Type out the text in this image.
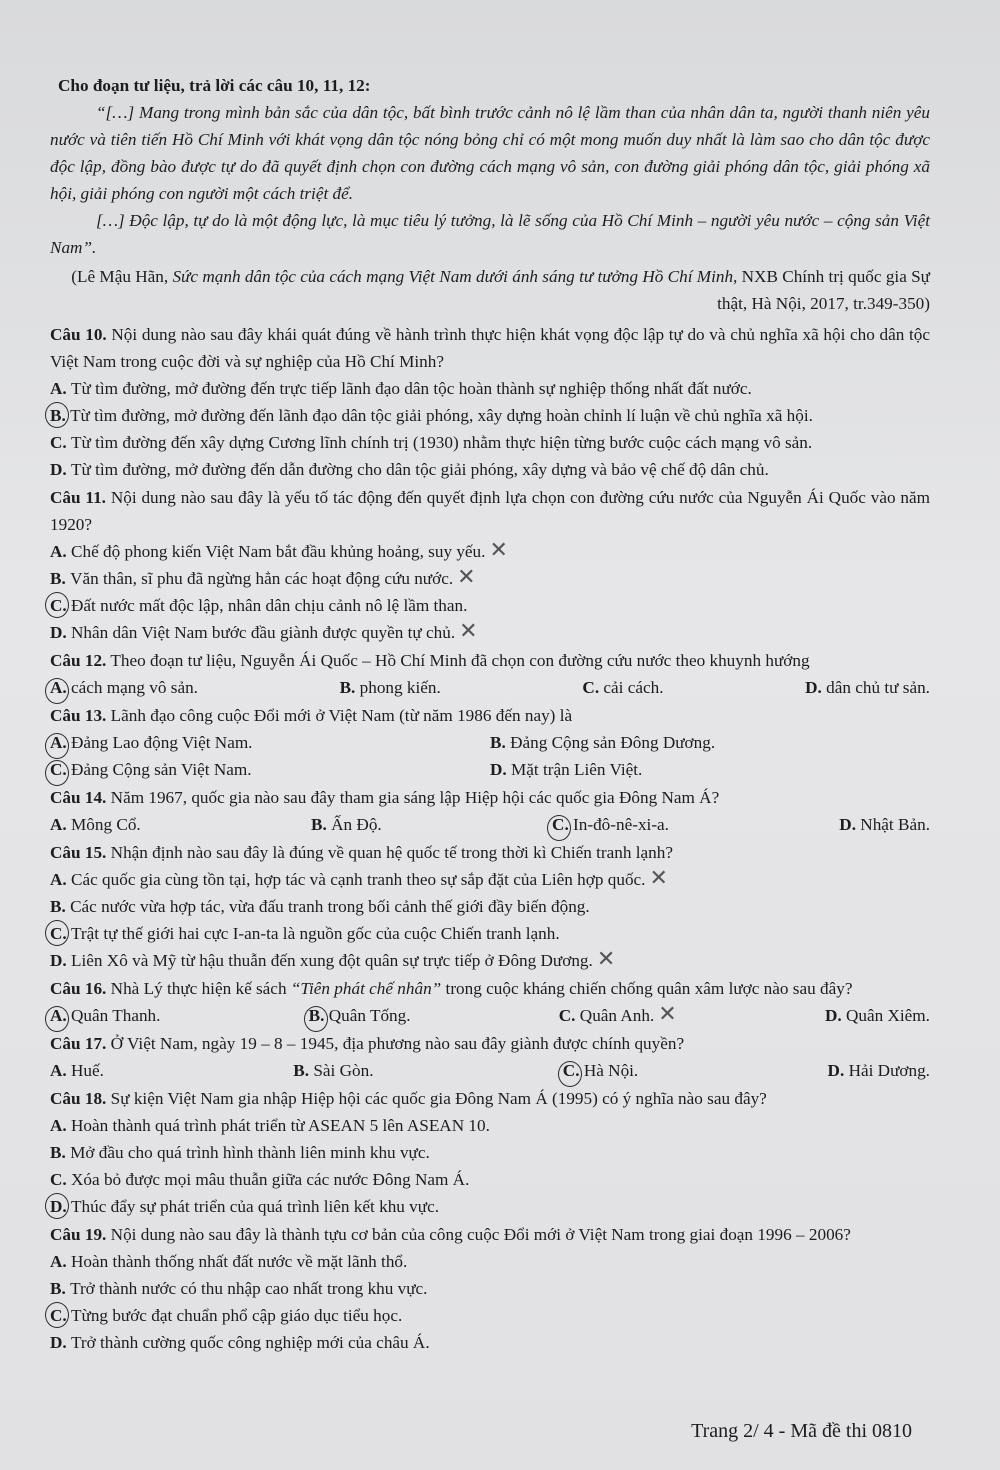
Cho đoạn tư liệu, trả lời các câu 10, 11, 12:

“[…] Mang trong mình bản sắc của dân tộc, bất bình trước cảnh nô lệ lầm than của nhân dân ta, người thanh niên yêu nước và tiên tiến Hồ Chí Minh với khát vọng dân tộc nóng bỏng chỉ có một mong muốn duy nhất là làm sao cho dân tộc được độc lập, đồng bào được tự do đã quyết định chọn con đường cách mạng vô sản, con đường giải phóng dân tộc, giải phóng xã hội, giải phóng con người một cách triệt để.

[…] Độc lập, tự do là một động lực, là mục tiêu lý tưởng, là lẽ sống của Hồ Chí Minh – người yêu nước – cộng sản Việt Nam”.

(Lê Mậu Hãn, Sức mạnh dân tộc của cách mạng Việt Nam dưới ánh sáng tư tưởng Hồ Chí Minh, NXB Chính trị quốc gia Sự thật, Hà Nội, 2017, tr.349-350)
Câu 10. Nội dung nào sau đây khái quát đúng về hành trình thực hiện khát vọng độc lập tự do và chủ nghĩa xã hội cho dân tộc Việt Nam trong cuộc đời và sự nghiệp của Hồ Chí Minh?
A.
Từ tìm đường, mở đường đến trực tiếp lãnh đạo dân tộc hoàn thành sự nghiệp thống nhất đất nước.
B.
Từ tìm đường, mở đường đến lãnh đạo dân tộc giải phóng, xây dựng hoàn chỉnh lí luận về chủ nghĩa xã hội.
C.
Từ tìm đường đến xây dựng Cương lĩnh chính trị (1930) nhằm thực hiện từng bước cuộc cách mạng vô sản.
D.
Từ tìm đường, mở đường đến dẫn đường cho dân tộc giải phóng, xây dựng và bảo vệ chế độ dân chủ.
Câu 11. Nội dung nào sau đây là yếu tố tác động đến quyết định lựa chọn con đường cứu nước của Nguyễn Ái Quốc vào năm 1920?
A.
Chế độ phong kiến Việt Nam bắt đầu khủng hoảng, suy yếu. ✕
B.
Văn thân, sĩ phu đã ngừng hẳn các hoạt động cứu nước. ✕
C.
Đất nước mất độc lập, nhân dân chịu cảnh nô lệ lầm than.
D.
Nhân dân Việt Nam bước đầu giành được quyền tự chủ. ✕
Câu 12. Theo đoạn tư liệu, Nguyễn Ái Quốc – Hồ Chí Minh đã chọn con đường cứu nước theo khuynh hướng
A. cách mạng vô sản.	B. phong kiến.	C. cải cách.	D. dân chủ tư sản.
Câu 13. Lãnh đạo công cuộc Đổi mới ở Việt Nam (từ năm 1986 đến nay) là
A. Đảng Lao động Việt Nam.	B. Đảng Cộng sản Đông Dương.
C. Đảng Cộng sản Việt Nam.	D. Mặt trận Liên Việt.
Câu 14. Năm 1967, quốc gia nào sau đây tham gia sáng lập Hiệp hội các quốc gia Đông Nam Á?
A. Mông Cổ.	B. Ấn Độ.	C. In-đô-nê-xi-a.	D. Nhật Bản.
Câu 15. Nhận định nào sau đây là đúng về quan hệ quốc tế trong thời kì Chiến tranh lạnh?
A.
Các quốc gia cùng tồn tại, hợp tác và cạnh tranh theo sự sắp đặt của Liên hợp quốc. ✕
B.
Các nước vừa hợp tác, vừa đấu tranh trong bối cảnh thế giới đầy biến động.
C.
Trật tự thế giới hai cực I-an-ta là nguồn gốc của cuộc Chiến tranh lạnh.
D.
Liên Xô và Mỹ từ hậu thuẫn đến xung đột quân sự trực tiếp ở Đông Dương. ✕
Câu 16. Nhà Lý thực hiện kế sách “Tiên phát chế nhân” trong cuộc kháng chiến chống quân xâm lược nào sau đây?
A. Quân Thanh.	B. Quân Tống.	C. Quân Anh. ✕	D. Quân Xiêm.
Câu 17. Ở Việt Nam, ngày 19 – 8 – 1945, địa phương nào sau đây giành được chính quyền?
A. Huế.	B. Sài Gòn.	C. Hà Nội.	D. Hải Dương.
Câu 18. Sự kiện Việt Nam gia nhập Hiệp hội các quốc gia Đông Nam Á (1995) có ý nghĩa nào sau đây?
A.
Hoàn thành quá trình phát triển từ ASEAN 5 lên ASEAN 10.
B.
Mở đầu cho quá trình hình thành liên minh khu vực.
C.
Xóa bỏ được mọi mâu thuẫn giữa các nước Đông Nam Á.
D.
Thúc đẩy sự phát triển của quá trình liên kết khu vực.
Câu 19. Nội dung nào sau đây là thành tựu cơ bản của công cuộc Đổi mới ở Việt Nam trong giai đoạn 1996 – 2006?
A.
Hoàn thành thống nhất đất nước về mặt lãnh thổ.
B.
Trở thành nước có thu nhập cao nhất trong khu vực.
C.
Từng bước đạt chuẩn phổ cập giáo dục tiểu học.
D.
Trở thành cường quốc công nghiệp mới của châu Á.
Trang 2/ 4 - Mã đề thi 0810
